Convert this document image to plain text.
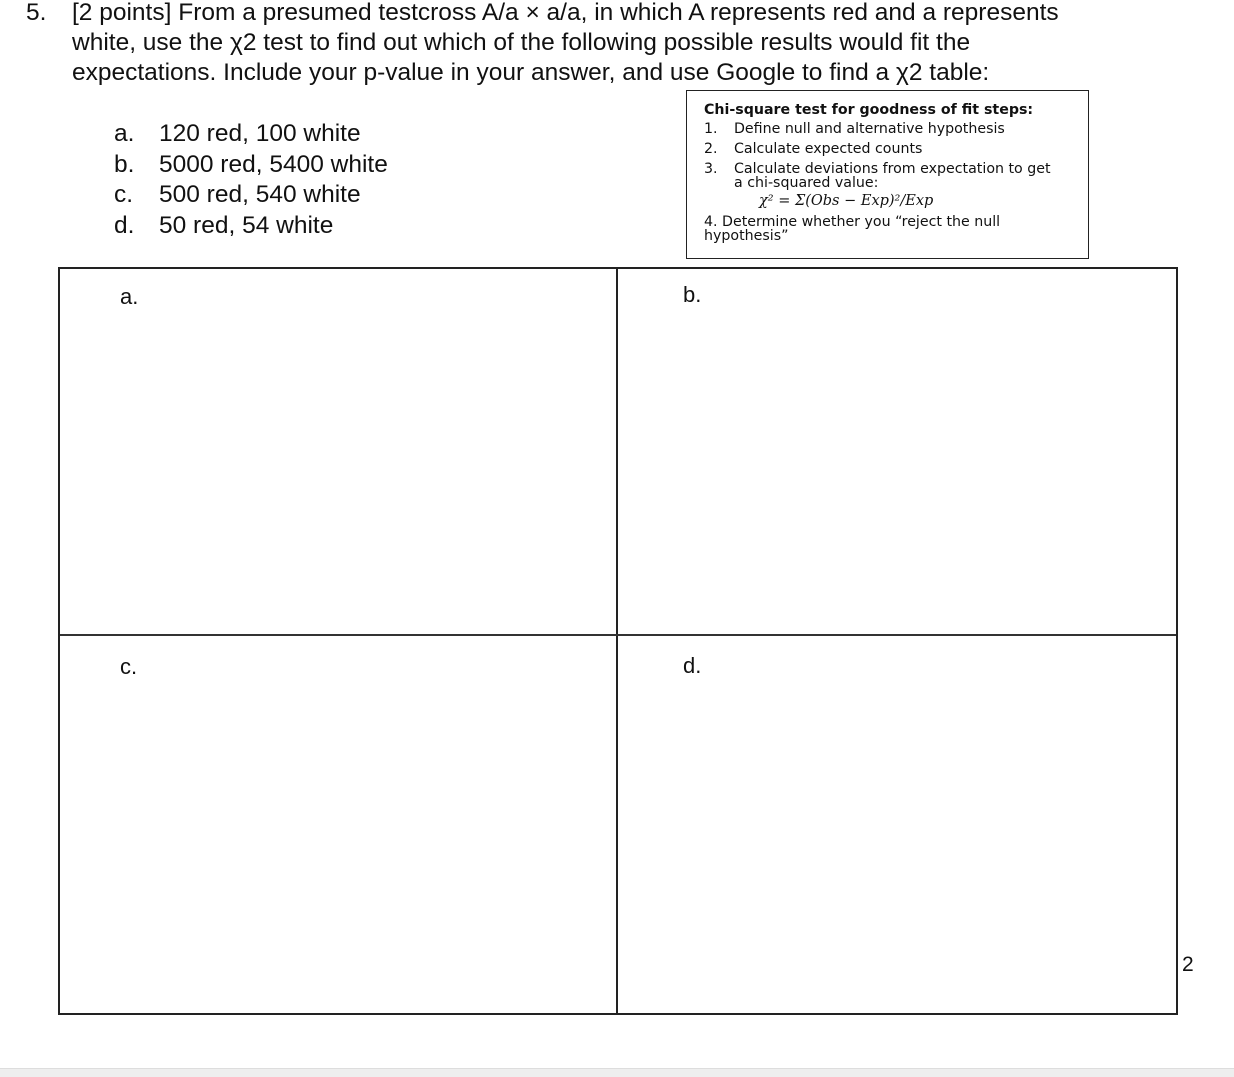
5. [2 points] From a presumed testcross A/a × a/a, in which A represents red and a represents
white, use the χ2 test to find out which of the following possible results would fit the
expectations. Include your p-value in your answer, and use Google to find a χ2 table:
a. 120 red, 100 white
b. 5000 red, 5400 white
c. 500 red, 540 white
d. 50 red, 54 white
Chi-square test for goodness of fit steps:
1. Define null and alternative hypothesis
2. Calculate expected counts
3. Calculate deviations from expectation to get
a chi-squared value:
χ² = Σ(Obs − Exp)²/Exp
4. Determine whether you “reject the null
hypothesis”
a.	b.
c.	d.
2
